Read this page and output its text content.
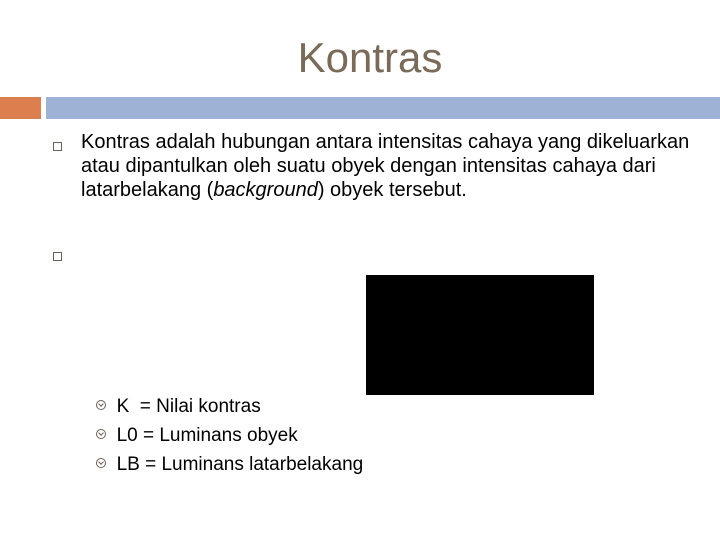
Kontras
Kontras adalah hubungan antara intensitas cahaya yang dikeluarkan atau dipantulkan oleh suatu obyek dengan intensitas cahaya dari latarbelakang (background) obyek tersebut.

K  = Nilai kontras

L0 = Luminans obyek

LB = Luminans latarbelakang
